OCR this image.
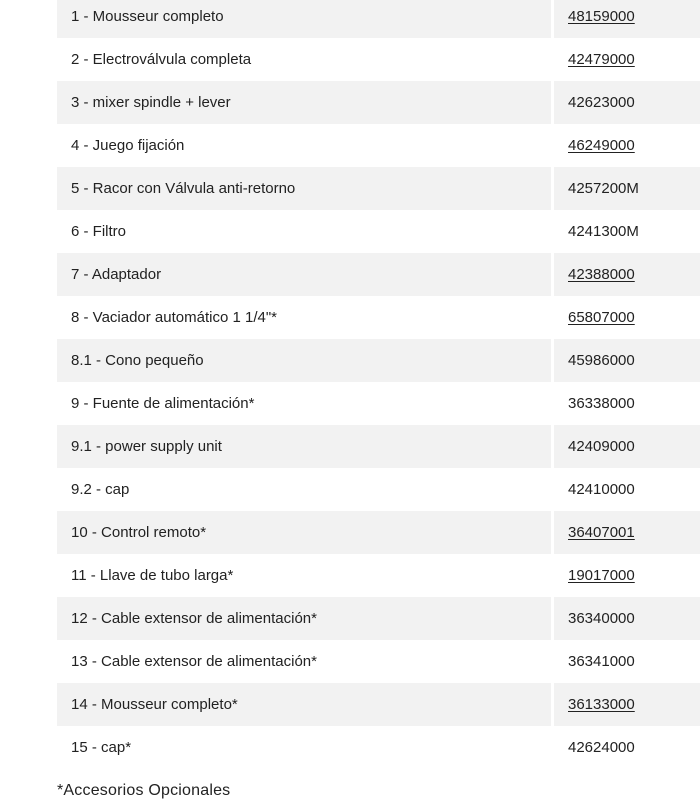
1 - Mousseur completo	48159000
2 - Electroválvula completa	42479000
3 - mixer spindle + lever	42623000
4 - Juego fijación	46249000
5 - Racor con Válvula anti-retorno	4257200M
6 - Filtro	4241300M
7 - Adaptador	42388000
8 - Vaciador automático 1 1/4"*	65807000
8.1 - Cono pequeño	45986000
9 - Fuente de alimentación*	36338000
9.1 - power supply unit	42409000
9.2 - cap	42410000
10 - Control remoto*	36407001
11 - Llave de tubo larga*	19017000
12 - Cable extensor de alimentación*	36340000
13 - Cable extensor de alimentación*	36341000
14 - Mousseur completo*	36133000
15 - cap*	42624000
*Accesorios Opcionales
